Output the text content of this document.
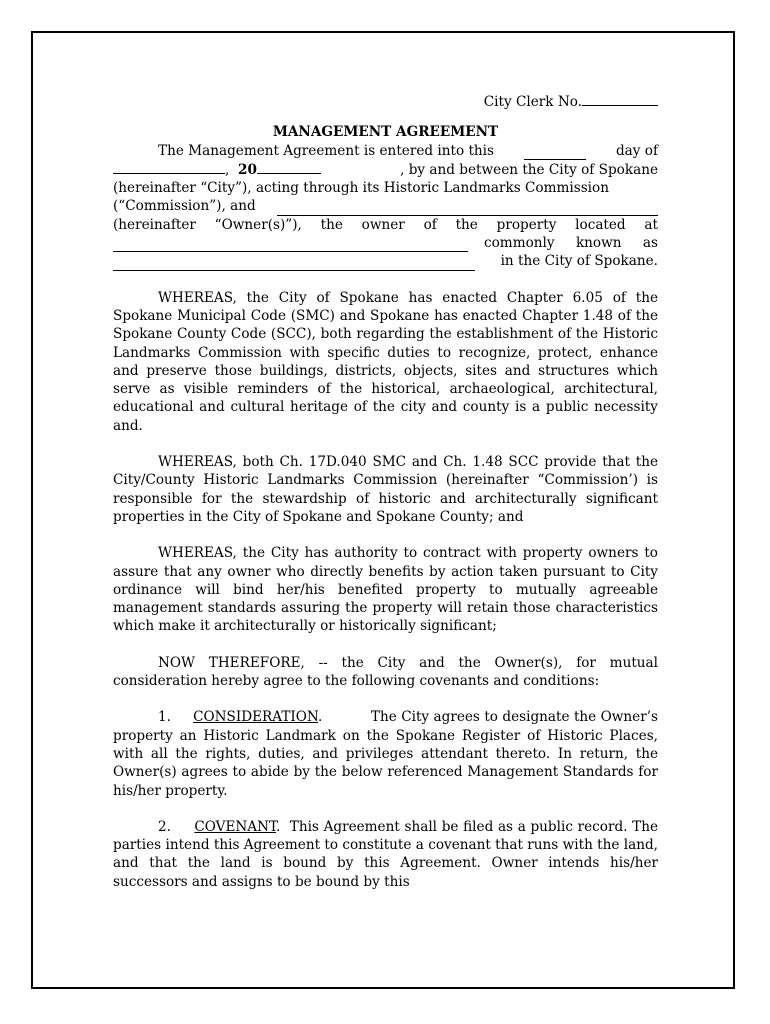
City Clerk No.
MANAGEMENT AGREEMENT
The Management Agreement is entered into this	day of
, 20	, by and between the City of Spokane
(hereinafter “City”), acting through its Historic Landmarks Commission
(“Commission”), and
(hereinafter “Owner(s)”), the owner of the property located at
commonly known as
in the City of Spokane.

WHEREAS, the City of Spokane has enacted Chapter 6.05 of the Spokane Municipal Code (SMC) and Spokane has enacted Chapter 1.48 of the Spokane County Code (SCC), both regarding the establishment of the Historic Landmarks Commission with specific duties to recognize, protect, enhance and preserve those buildings, districts, objects, sites and structures which serve as visible reminders of the historical, archaeological, architectural, educational and cultural heritage of the city and county is a public necessity and.

WHEREAS, both Ch. 17D.040 SMC and Ch. 1.48 SCC provide that the City/County Historic Landmarks Commission (hereinafter “Commission’) is responsible for the stewardship of historic and architecturally significant properties in the City of Spokane and Spokane County; and

WHEREAS, the City has authority to contract with property owners to assure that any owner who directly benefits by action taken pursuant to City ordinance will bind her/his benefited property to mutually agreeable management standards assuring the property will retain those characteristics which make it architecturally or historically significant;

NOW THEREFORE, -- the City and the Owner(s), for mutual consideration hereby agree to the following covenants and conditions:

1. CONSIDERATION.           The City agrees to designate the Owner’s property an Historic Landmark on the Spokane Register of Historic Places, with all the rights, duties, and privileges attendant thereto. In return, the Owner(s) agrees to abide by the below referenced Management Standards for his/her property.

2. COVENANT.  This Agreement shall be filed as a public record. The parties intend this Agreement to constitute a covenant that runs with the land, and that the land is bound by this Agreement. Owner intends his/her successors and assigns to be bound by this
